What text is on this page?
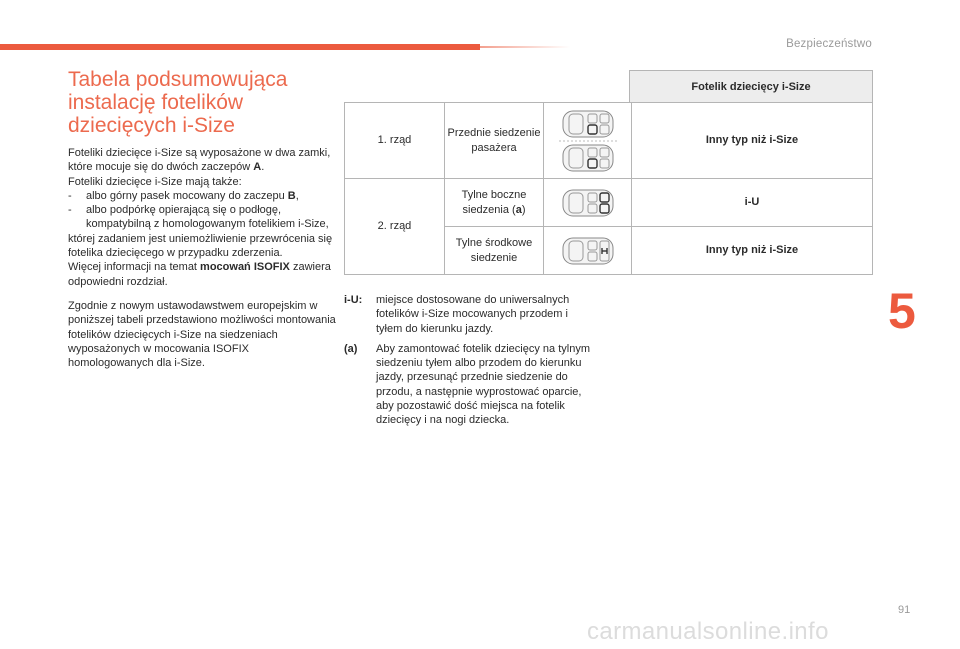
Bezpieczeństwo
5
91
carmanualsonline.info
Tabela podsumowująca instalację fotelików dziecięcych i-Size

Foteliki dziecięce i-Size są wyposażone w dwa zamki, które mocuje się do dwóch zaczepów A.

Foteliki dziecięce i-Size mają także:

-	albo górny pasek mocowany do zaczepu B,
-	albo podpórkę opierającą się o podłogę, kompatybilną z homologowanym fotelikiem i-Size,

której zadaniem jest uniemożliwienie przewrócenia się fotelika dziecięcego w przypadku zderzenia.

Więcej informacji na temat mocowań ISOFIX zawiera odpowiedni rozdział.

Zgodnie z nowym ustawodawstwem europejskim w poniższej tabeli przedstawiono możliwości montowania fotelików dziecięcych i-Size na siedzeniach wyposażonych w mocowania ISOFIX homologowanych dla i-Size.

Fotelik dziecięcy i-Size
1. rząd	Przednie siedzenie pasażera		Inny typ niż i-Size
2. rząd	Tylne boczne siedzenia (a)		i-U
	Tylne środkowe siedzenie		Inny typ niż i-Size
i-U:	miejsce dostosowane do uniwersalnych fotelików i-Size mocowanych przodem i tyłem do kierunku jazdy.
(a)	Aby zamontować fotelik dziecięcy na tylnym siedzeniu tyłem albo przodem do kierunku jazdy, przesunąć przednie siedzenie do przodu, a następnie wyprostować oparcie, aby pozostawić dość miejsca na fotelik dziecięcy i na nogi dziecka.
